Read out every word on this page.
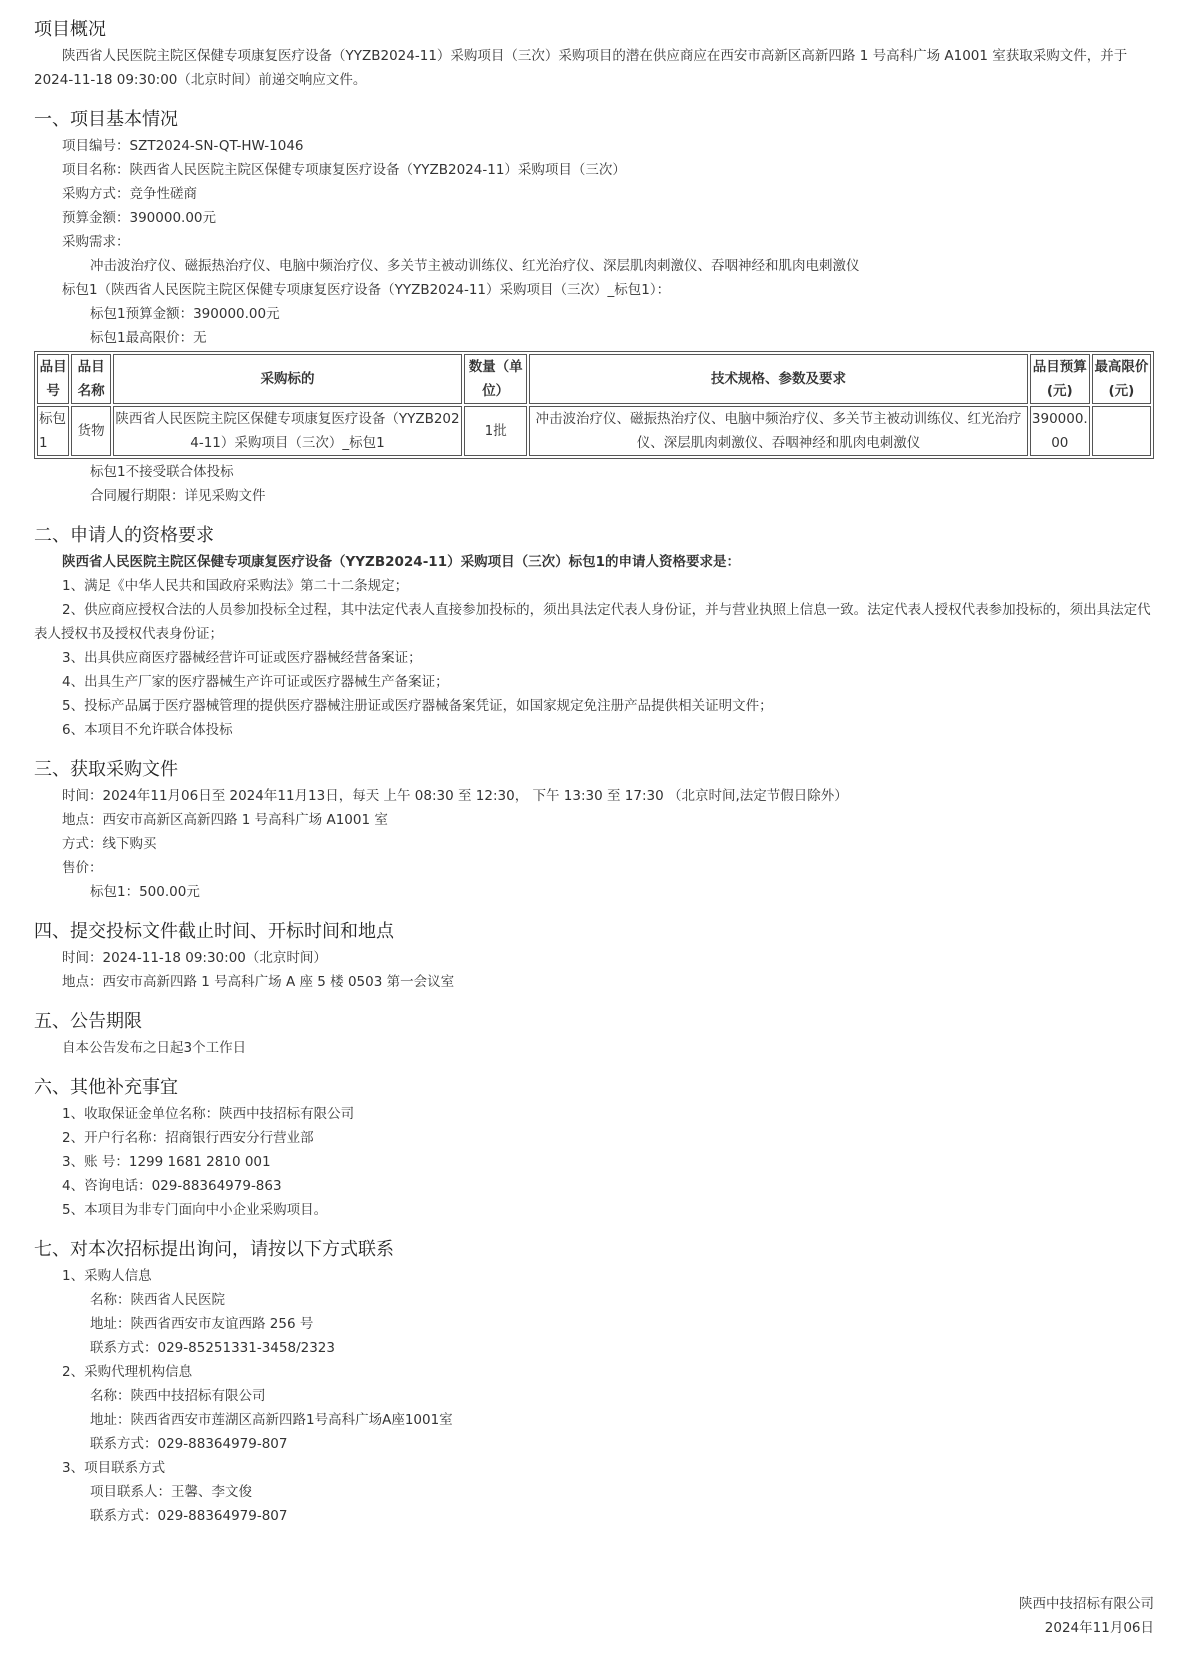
项目概况

陕西省人民医院主院区保健专项康复医疗设备（YYZB2024-11）采购项目（三次）采购项目的潜在供应商应在西安市高新区高新四路 1 号高科广场 A1001 室获取采购文件，并于2024-11-18 09:30:00（北京时间）前递交响应文件。

一、项目基本情况

项目编号：SZT2024-SN-QT-HW-1046

项目名称：陕西省人民医院主院区保健专项康复医疗设备（YYZB2024-11）采购项目（三次）

采购方式：竞争性磋商

预算金额：390000.00元

采购需求：

冲击波治疗仪、磁振热治疗仪、电脑中频治疗仪、多关节主被动训练仪、红光治疗仪、深层肌肉刺激仪、吞咽神经和肌肉电刺激仪

标包1（陕西省人民医院主院区保健专项康复医疗设备（YYZB2024-11）采购项目（三次）_标包1）：

标包1预算金额：390000.00元

标包1最高限价：无

品目号	品目名称	采购标的	数量（单位）	技术规格、参数及要求	品目预算(元)	最高限价(元)
标包1	货物	陕西省人民医院主院区保健专项康复医疗设备（YYZB2024-11）采购项目（三次）_标包1	1批	冲击波治疗仪、磁振热治疗仪、电脑中频治疗仪、多关节主被动训练仪、红光治疗仪、深层肌肉刺激仪、吞咽神经和肌肉电刺激仪	390000.00	

标包1不接受联合体投标

合同履行期限：详见采购文件

二、申请人的资格要求

陕西省人民医院主院区保健专项康复医疗设备（YYZB2024-11）采购项目（三次）标包1的申请人资格要求是：

1、满足《中华人民共和国政府采购法》第二十二条规定；

2、供应商应授权合法的人员参加投标全过程，其中法定代表人直接参加投标的，须出具法定代表人身份证，并与营业执照上信息一致。法定代表人授权代表参加投标的，须出具法定代表人授权书及授权代表身份证；

3、出具供应商医疗器械经营许可证或医疗器械经营备案证；

4、出具生产厂家的医疗器械生产许可证或医疗器械生产备案证；

5、投标产品属于医疗器械管理的提供医疗器械注册证或医疗器械备案凭证，如国家规定免注册产品提供相关证明文件；

6、本项目不允许联合体投标

三、获取采购文件

时间：2024年11月06日至 2024年11月13日，每天 上午 08:30 至 12:30， 下午 13:30 至 17:30 （北京时间,法定节假日除外）

地点：西安市高新区高新四路 1 号高科广场 A1001 室

方式：线下购买

售价：

标包1：500.00元

四、提交投标文件截止时间、开标时间和地点

时间：2024-11-18 09:30:00（北京时间）

地点：西安市高新四路 1 号高科广场 A 座 5 楼 0503 第一会议室

五、公告期限

自本公告发布之日起3个工作日

六、其他补充事宜

1、收取保证金单位名称：陕西中技招标有限公司

2、开户行名称：招商银行西安分行营业部

3、账 号：1299 1681 2810 001

4、咨询电话：029-88364979-863

5、本项目为非专门面向中小企业采购项目。

七、对本次招标提出询问，请按以下方式联系

1、采购人信息

名称：陕西省人民医院

地址：陕西省西安市友谊西路 256 号

联系方式：029-85251331-3458/2323

2、采购代理机构信息

名称：陕西中技招标有限公司

地址：陕西省西安市莲湖区高新四路1号高科广场A座1001室

联系方式：029-88364979-807

3、项目联系方式

项目联系人：王馨、李文俊

联系方式：029-88364979-807

陕西中技招标有限公司

2024年11月06日
